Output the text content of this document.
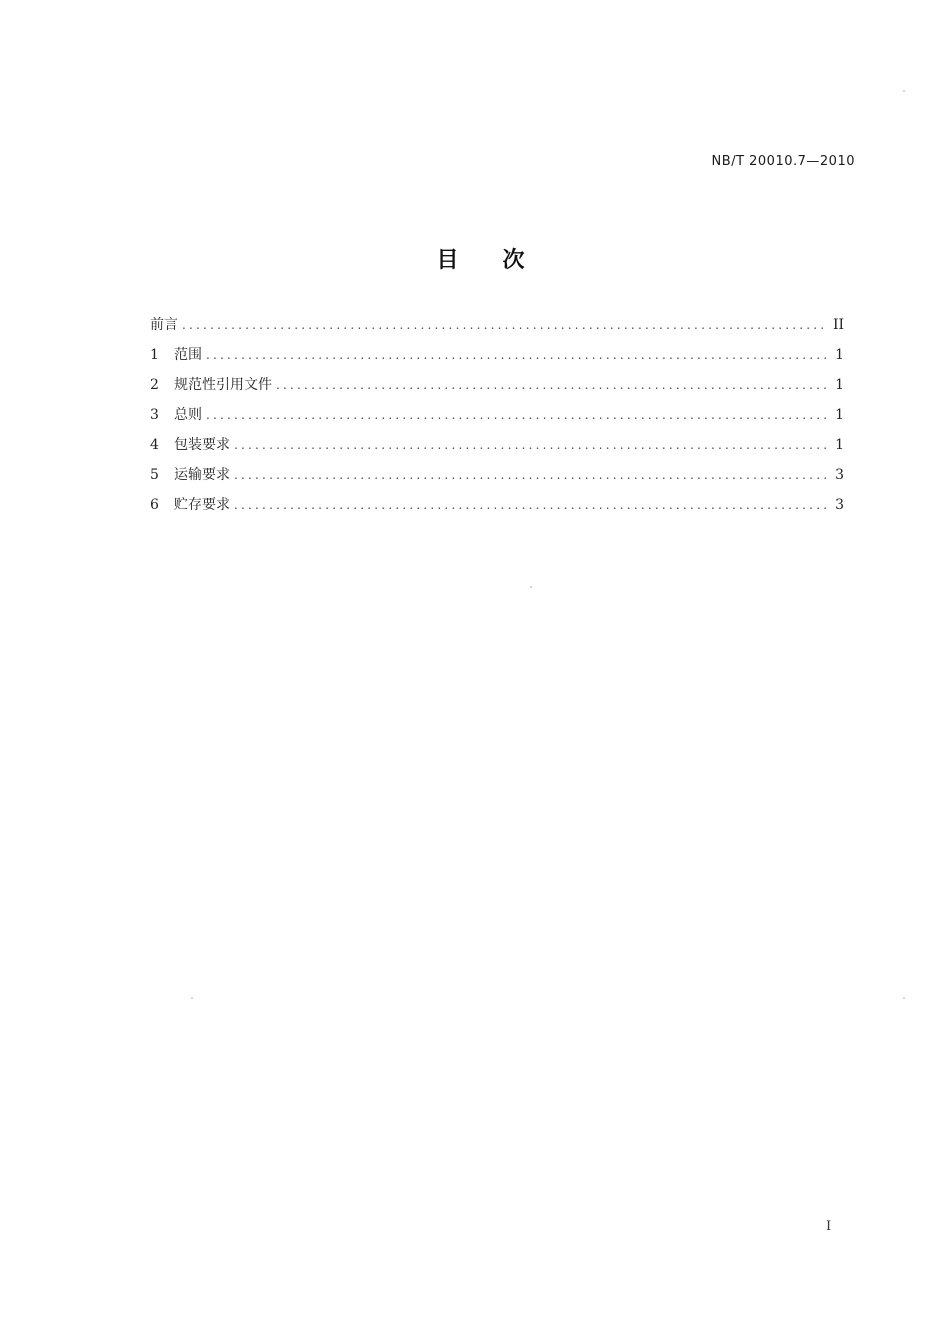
NB/T 20010.7—2010
目次
前言 .....	II
1	范围 .....	1
2	规范性引用文件 .....	1
3	总则 .....	1
4	包装要求 .....	1
5	运输要求 .....	3
6	贮存要求 .....	3
I
